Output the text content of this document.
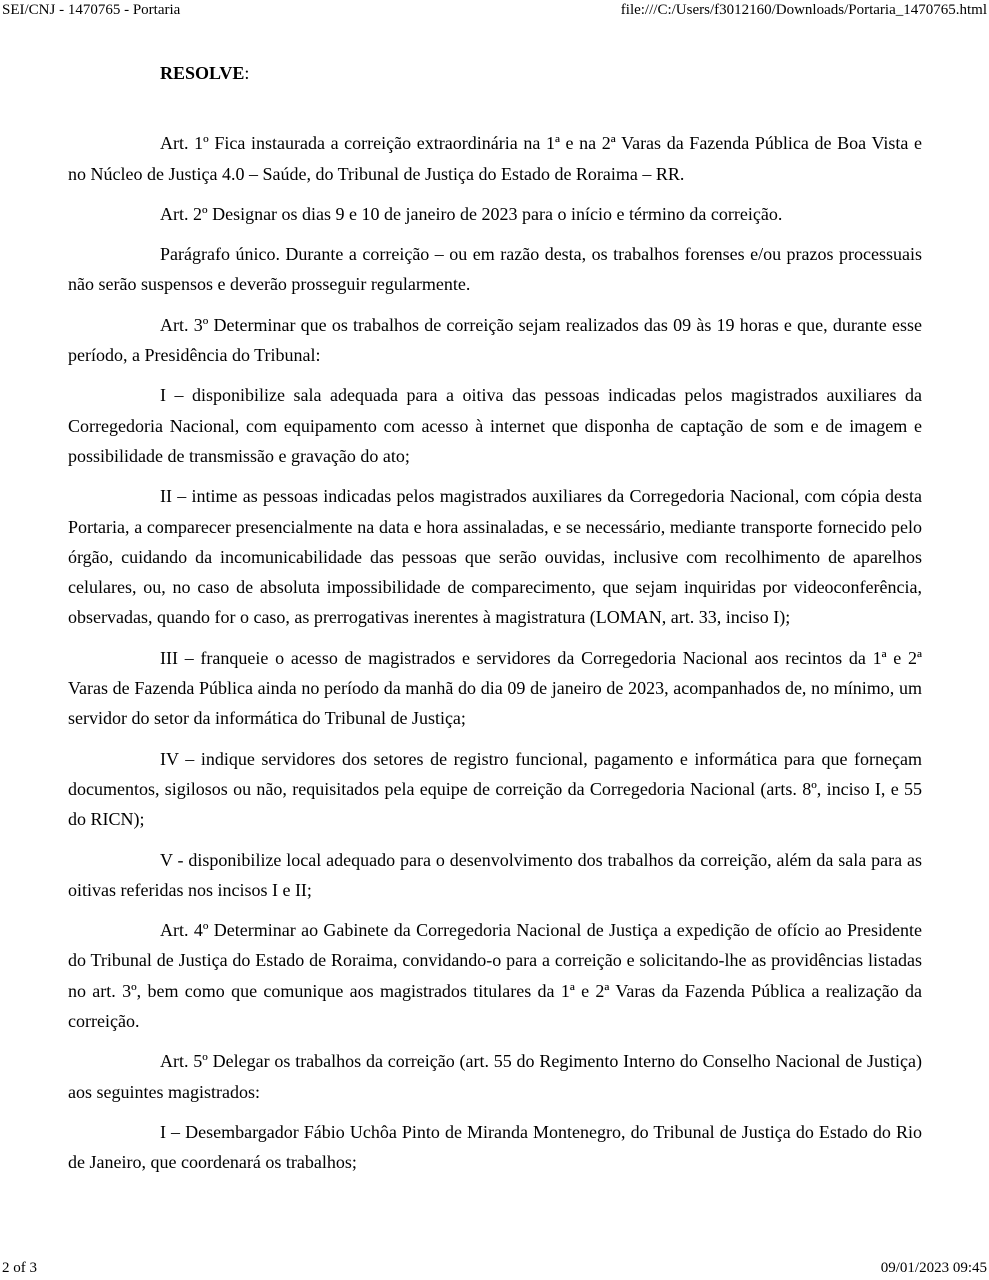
SEI/CNJ - 1470765 - Portaria	file:///C:/Users/f3012160/Downloads/Portaria_1470765.html

RESOLVE:

Art. 1º Fica instaurada a correição extraordinária na 1ª e na 2ª Varas da Fazenda Pública de Boa Vista e no Núcleo de Justiça 4.0 – Saúde, do Tribunal de Justiça do Estado de Roraima – RR.

Art. 2º Designar os dias 9 e 10 de janeiro de 2023 para o início e término da correição.

Parágrafo único. Durante a correição – ou em razão desta, os trabalhos forenses e/ou prazos processuais não serão suspensos e deverão prosseguir regularmente.

Art. 3º Determinar que os trabalhos de correição sejam realizados das 09 às 19 horas e que, durante esse período, a Presidência do Tribunal:

I – disponibilize sala adequada para a oitiva das pessoas indicadas pelos magistrados auxiliares da Corregedoria Nacional, com equipamento com acesso à internet que disponha de captação de som e de imagem e possibilidade de transmissão e gravação do ato;

II – intime as pessoas indicadas pelos magistrados auxiliares da Corregedoria Nacional, com cópia desta Portaria, a comparecer presencialmente na data e hora assinaladas, e se necessário, mediante transporte fornecido pelo órgão, cuidando da incomunicabilidade das pessoas que serão ouvidas, inclusive com recolhimento de aparelhos celulares, ou, no caso de absoluta impossibilidade de comparecimento, que sejam inquiridas por videoconferência, observadas, quando for o caso, as prerrogativas inerentes à magistratura (LOMAN, art. 33, inciso I);

III – franqueie o acesso de magistrados e servidores da Corregedoria Nacional aos recintos da 1ª e 2ª Varas de Fazenda Pública ainda no período da manhã do dia 09 de janeiro de 2023, acompanhados de, no mínimo, um servidor do setor da informática do Tribunal de Justiça;

IV – indique servidores dos setores de registro funcional, pagamento e informática para que forneçam documentos, sigilosos ou não, requisitados pela equipe de correição da Corregedoria Nacional (arts. 8º, inciso I, e 55 do RICN);

V - disponibilize local adequado para o desenvolvimento dos trabalhos da correição, além da sala para as oitivas referidas nos incisos I e II;

Art. 4º Determinar ao Gabinete da Corregedoria Nacional de Justiça a expedição de ofício ao Presidente do Tribunal de Justiça do Estado de Roraima, convidando-o para a correição e solicitando-lhe as providências listadas no art. 3º, bem como que comunique aos magistrados titulares da 1ª e 2ª Varas da Fazenda Pública a realização da correição.

Art. 5º Delegar os trabalhos da correição (art. 55 do Regimento Interno do Conselho Nacional de Justiça) aos seguintes magistrados:

I – Desembargador Fábio Uchôa Pinto de Miranda Montenegro, do Tribunal de Justiça do Estado do Rio de Janeiro, que coordenará os trabalhos;

2 of 3	09/01/2023 09:45
